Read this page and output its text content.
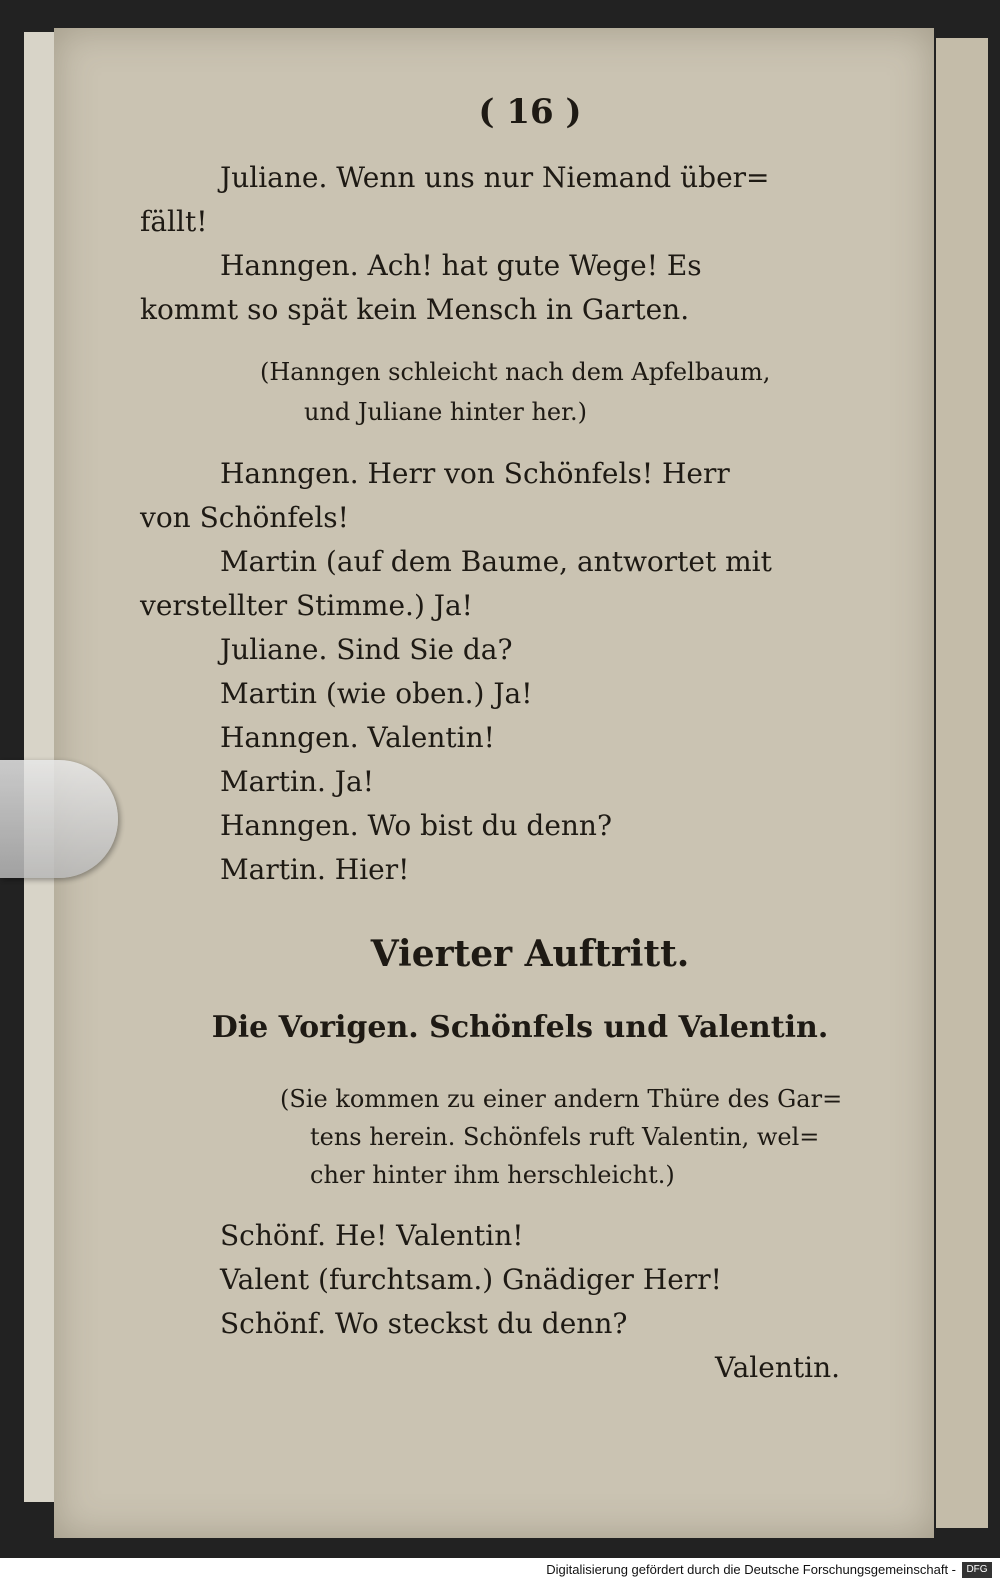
( 16 )
Juliane. Wenn uns nur Niemand über=
fällt!
Hanngen. Ach! hat gute Wege! Es
kommt so spät kein Mensch in Garten.
(Hanngen schleicht nach dem Apfelbaum,
und Juliane hinter her.)
Hanngen. Herr von Schönfels! Herr
von Schönfels!
Martin (auf dem Baume, antwortet mit
verstellter Stimme.) Ja!
Juliane. Sind Sie da?
Martin (wie oben.) Ja!
Hanngen. Valentin!
Martin. Ja!
Hanngen. Wo bist du denn?
Martin. Hier!
Vierter Auftritt.
Die Vorigen. Schönfels und Valentin.
(Sie kommen zu einer andern Thüre des Gar=
tens herein. Schönfels ruft Valentin, wel=
cher hinter ihm herschleicht.)
Schönf. He! Valentin!
Valent (furchtsam.) Gnädiger Herr!
Schönf. Wo steckst du denn?
Valentin.
Digitalisierung gefördert durch die Deutsche Forschungsgemeinschaft -	DFG
